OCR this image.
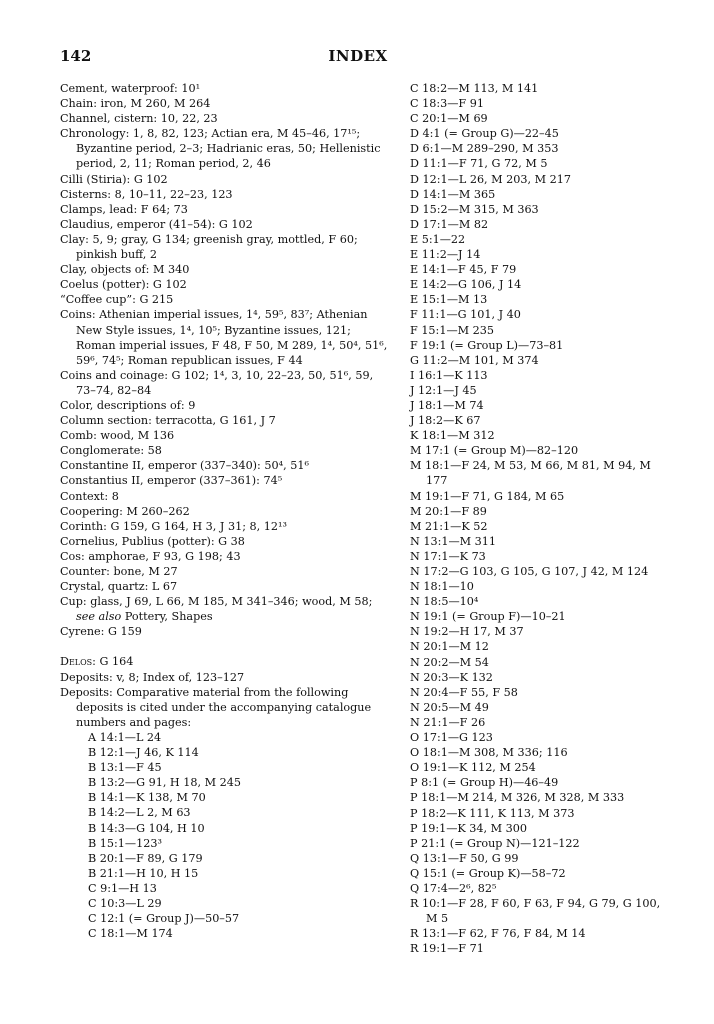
142	INDEX
Cement, waterproof: 10¹
Chain: iron, M 260, M 264
Channel, cistern: 10, 22, 23
Chronology: 1, 8, 82, 123; Actian era, M 45–46, 17¹⁵; Byzantine period, 2–3; Hadrianic eras, 50; Hellenistic period, 2, 11; Roman period, 2, 46
Cilli (Stiria): G 102
Cisterns: 8, 10–11, 22–23, 123
Clamps, lead: F 64; 73
Claudius, emperor (41–54): G 102
Clay: 5, 9; gray, G 134; greenish gray, mottled, F 60; pinkish buff, 2
Clay, objects of: M 340
Coelus (potter): G 102
“Coffee cup”: G 215
Coins: Athenian imperial issues, 1⁴, 59⁵, 83⁷; Athenian New Style issues, 1⁴, 10⁵; Byzantine issues, 121; Roman imperial issues, F 48, F 50, M 289, 1⁴, 50⁴, 51⁶, 59⁶, 74⁵; Roman republican issues, F 44
Coins and coinage: G 102; 1⁴, 3, 10, 22–23, 50, 51⁶, 59, 73–74, 82–84
Color, descriptions of: 9
Column section: terracotta, G 161, J 7
Comb: wood, M 136
Conglomerate: 58
Constantine II, emperor (337–340): 50⁴, 51⁶
Constantius II, emperor (337–361): 74⁵
Context: 8
Coopering: M 260–262
Corinth: G 159, G 164, H 3, J 31; 8, 12¹³
Cornelius, Publius (potter): G 38
Cos: amphorae, F 93, G 198; 43
Counter: bone, M 27
Crystal, quartz: L 67
Cup: glass, J 69, L 66, M 185, M 341–346; wood, M 58;
see also Pottery, Shapes
Cyrene: G 159
Delos: G 164
Deposits: v, 8; Index of, 123–127
Deposits: Comparative material from the following deposits is cited under the accompanying catalogue numbers and pages:
A 14:1—L 24
B 12:1—J 46, K 114
B 13:1—F 45
B 13:2—G 91, H 18, M 245
B 14:1—K 138, M 70
B 14:2—L 2, M 63
B 14:3—G 104, H 10
B 15:1—123³
B 20:1—F 89, G 179
B 21:1—H 10, H 15
C 9:1—H 13
C 10:3—L 29
C 12:1 (= Group J)—50–57
C 18:1—M 174
C 18:2—M 113, M 141
C 18:3—F 91
C 20:1—M 69
D 4:1 (= Group G)—22–45
D 6:1—M 289–290, M 353
D 11:1—F 71, G 72, M 5
D 12:1—L 26, M 203, M 217
D 14:1—M 365
D 15:2—M 315, M 363
D 17:1—M 82
E 5:1—22
E 11:2—J 14
E 14:1—F 45, F 79
E 14:2—G 106, J 14
E 15:1—M 13
F 11:1—G 101, J 40
F 15:1—M 235
F 19:1 (= Group L)—73–81
G 11:2—M 101, M 374
I 16:1—K 113
J 12:1—J 45
J 18:1—M 74
J 18:2—K 67
K 18:1—M 312
M 17:1 (= Group M)—82–120
M 18:1—F 24, M 53, M 66, M 81, M 94, M 177
M 19:1—F 71, G 184, M 65
M 20:1—F 89
M 21:1—K 52
N 13:1—M 311
N 17:1—K 73
N 17:2—G 103, G 105, G 107, J 42, M 124
N 18:1—10
N 18:5—10⁴
N 19:1 (= Group F)—10–21
N 19:2—H 17, M 37
N 20:1—M 12
N 20:2—M 54
N 20:3—K 132
N 20:4—F 55, F 58
N 20:5—M 49
N 21:1—F 26
O 17:1—G 123
O 18:1—M 308, M 336; 116
O 19:1—K 112, M 254
P 8:1 (= Group H)—46–49
P 18:1—M 214, M 326, M 328, M 333
P 18:2—K 111, K 113, M 373
P 19:1—K 34, M 300
P 21:1 (= Group N)—121–122
Q 13:1—F 50, G 99
Q 15:1 (= Group K)—58–72
Q 17:4—2⁶, 82⁵
R 10:1—F 28, F 60, F 63, F 94, G 79, G 100, M 5
R 13:1—F 62, F 76, F 84, M 14
R 19:1—F 71
